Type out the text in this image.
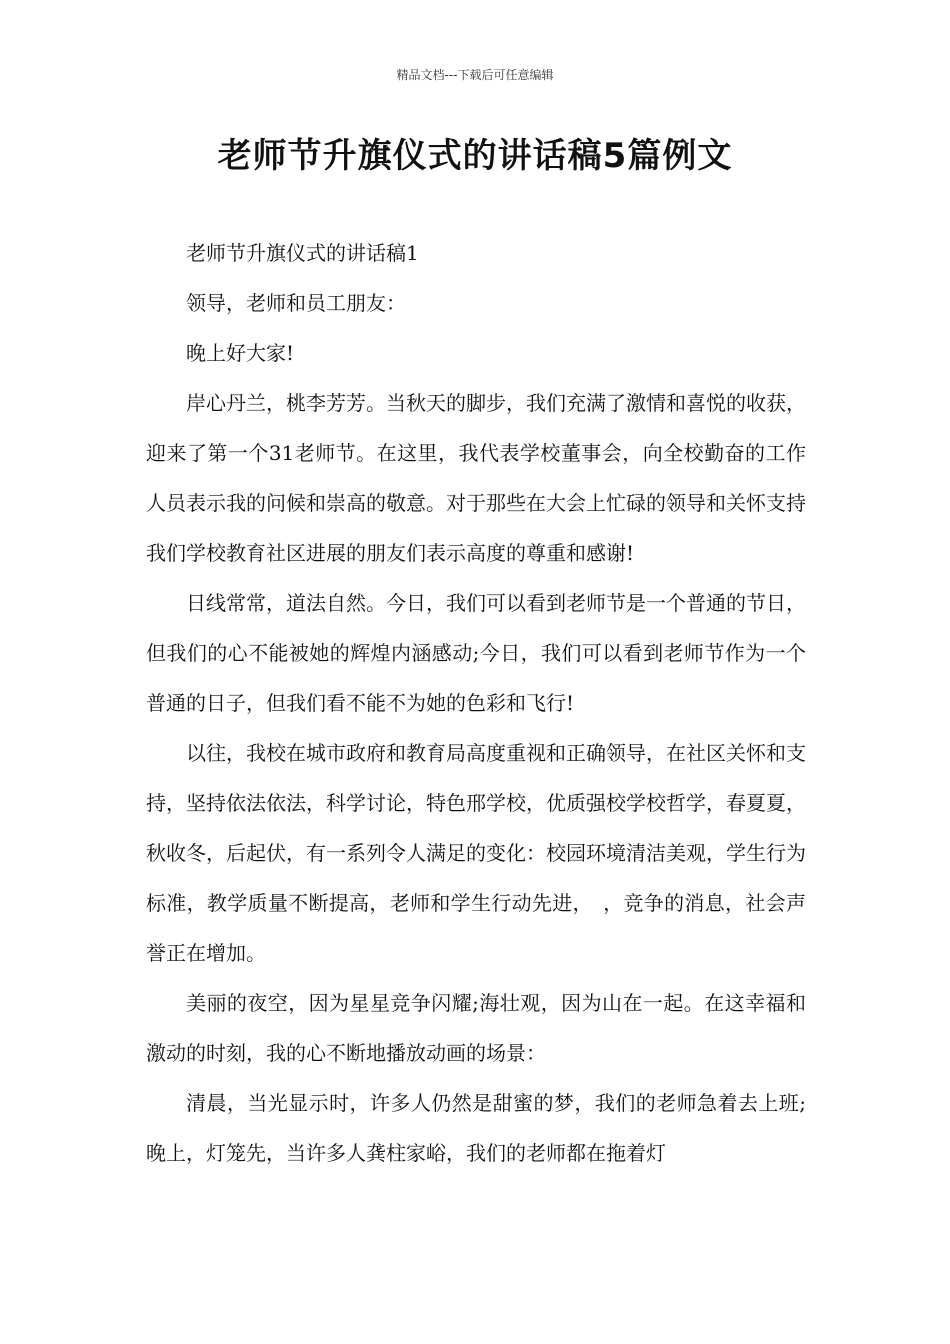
精品文档---下载后可任意编辑
老师节升旗仪式的讲话稿5篇例文

老师节升旗仪式的讲话稿1

领导，老师和员工朋友：

晚上好大家!

岸心丹兰，桃李芳芳。当秋天的脚步，我们充满了激情和喜悦的收获，迎来了第一个31老师节。在这里，我代表学校董事会，向全校勤奋的工作人员表示我的问候和崇高的敬意。对于那些在大会上忙碌的领导和关怀支持我们学校教育社区进展的朋友们表示高度的尊重和感谢!

日线常常，道法自然。今日，我们可以看到老师节是一个普通的节日，但我们的心不能被她的辉煌内涵感动;今日，我们可以看到老师节作为一个普通的日子，但我们看不能不为她的色彩和飞行!

以往，我校在城市政府和教育局高度重视和正确领导，在社区关怀和支持，坚持依法依法，科学讨论，特色邢学校，优质强校学校哲学，春夏夏，秋收冬，后起伏，有一系列令人满足的变化：校园环境清洁美观，学生行为标准，教学质量不断提高，老师和学生行动先进，　，竞争的消息，社会声誉正在增加。

美丽的夜空，因为星星竞争闪耀;海壮观，因为山在一起。在这幸福和激动的时刻，我的心不断地播放动画的场景：

清晨，当光显示时，许多人仍然是甜蜜的梦，我们的老师急着去上班;晚上，灯笼先，当许多人龚柱家峪，我们的老师都在拖着灯
